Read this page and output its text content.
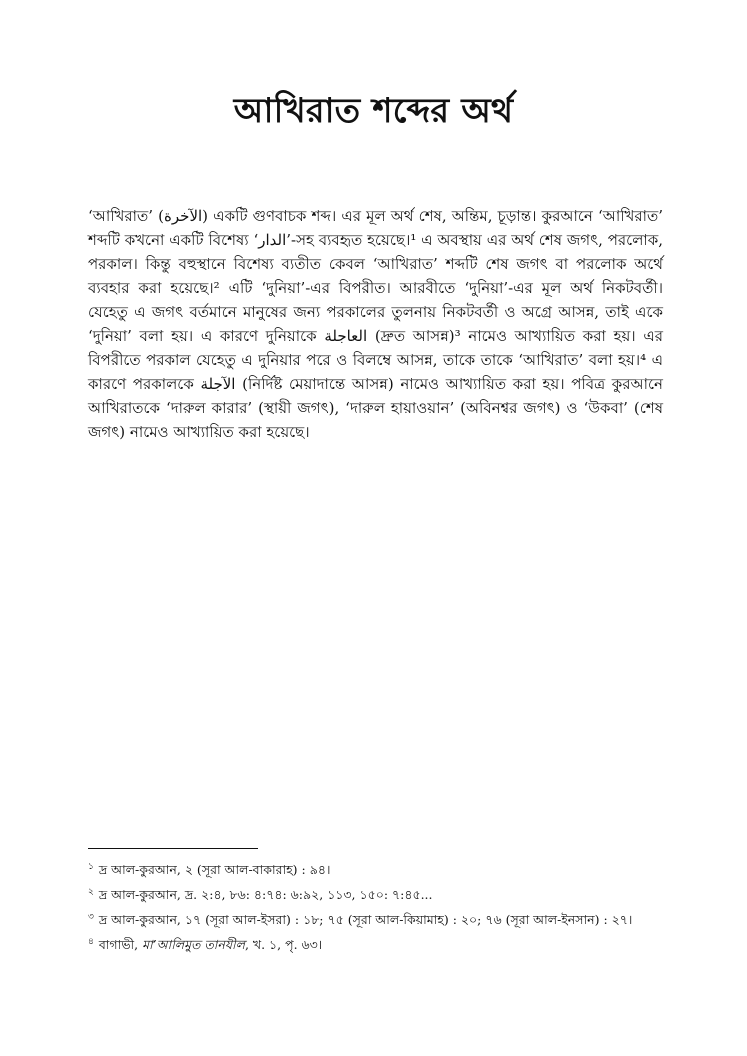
আখিরাত শব্দের অর্থ

‘আখিরাত’ (الآخرة) একটি গুণবাচক শব্দ। এর মূল অর্থ শেষ, অন্তিম, চূড়ান্ত। কুরআনে ‘আখিরাত’ শব্দটি কখনো একটি বিশেষ্য ‘الدار’-সহ ব্যবহৃত হয়েছে।¹ এ অবস্থায় এর অর্থ শেষ জগৎ, পরলোক, পরকাল। কিন্তু বহুস্থানে বিশেষ্য ব্যতীত কেবল ‘আখিরাত’ শব্দটি শেষ জগৎ বা পরলোক অর্থে ব্যবহার করা হয়েছে।² এটি ‘দুনিয়া’-এর বিপরীত। আরবীতে ‘দুনিয়া’-এর মূল অর্থ নিকটবর্তী। যেহেতু এ জগৎ বর্তমানে মানুষের জন্য পরকালের তুলনায় নিকটবর্তী ও অগ্রে আসন্ন, তাই একে ‘দুনিয়া’ বলা হয়। এ কারণে দুনিয়াকে العاجلة (দ্রুত আসন্ন)³ নামেও আখ্যায়িত করা হয়। এর বিপরীতে পরকাল যেহেতু এ দুনিয়ার পরে ও বিলম্বে আসন্ন, তাকে তাকে ‘আখিরাত’ বলা হয়।⁴ এ কারণে পরকালকে الآجلة (নির্দিষ্ট মেয়াদান্তে আসন্ন) নামেও আখ্যায়িত করা হয়। পবিত্র কুরআনে আখিরাতকে ‘দারুল কারার’ (স্থায়ী জগৎ), ‘দারুল হায়াওয়ান’ (অবিনশ্বর জগৎ) ও ‘উকবা’ (শেষ জগৎ) নামেও আখ্যায়িত করা হয়েছে।

$^১$ দ্র আল-কুরআন, ২ (সূরা আল-বাকারাহ) : ৯৪।
$^২$ দ্র আল-কুরআন, দ্র. ২:৪, ৮৬: ৪:৭৪: ৬:৯২, ১১৩, ১৫০: ৭:৪৫...
$^৩$ দ্র আল-কুরআন, ১৭ (সূরা আল-ইসরা) : ১৮; ৭৫ (সূরা আল-কিয়ামাহ) : ২০; ৭৬ (সূরা আল-ইনসান) : ২৭।
$^৪$ বাগাভী, মা’আলিমুত তানযীল, খ. ১, পৃ. ৬৩।
